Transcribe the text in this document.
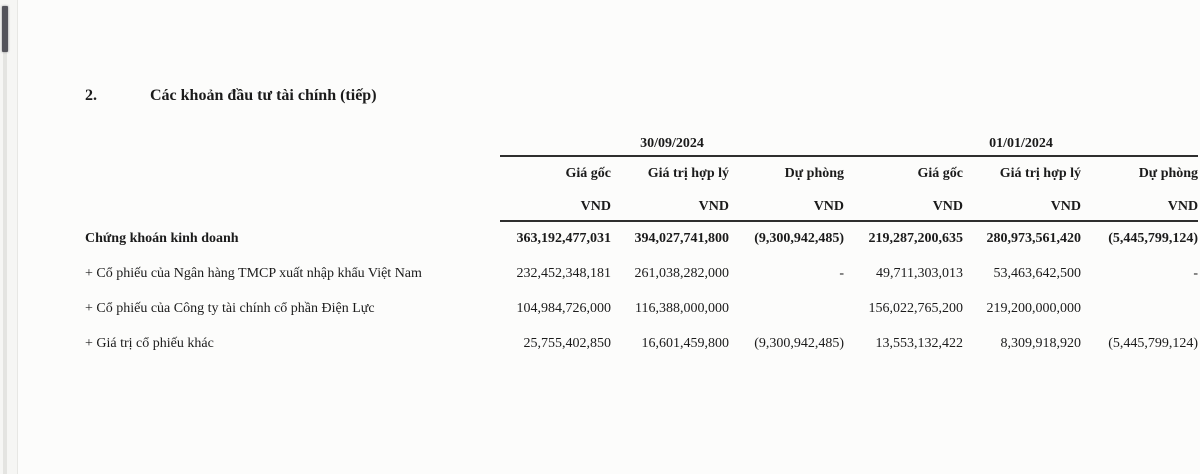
2.	Các khoản đầu tư tài chính (tiếp)
	30/09/2024			01/01/2024		
	Giá gốc	Giá trị hợp lý	Dự phòng	Giá gốc	Giá trị hợp lý	Dự phòng
	VND	VND	VND	VND	VND	VND
Chứng khoán kinh doanh	363,192,477,031	394,027,741,800	(9,300,942,485)	219,287,200,635	280,973,561,420	(5,445,799,124)
+ Cổ phiếu của Ngân hàng TMCP xuất nhập khẩu Việt Nam	232,452,348,181	261,038,282,000	-	49,711,303,013	53,463,642,500	-
+ Cổ phiếu của Công ty tài chính cổ phần Điện Lực	104,984,726,000	116,388,000,000		156,022,765,200	219,200,000,000	
+ Giá trị cổ phiếu khác	25,755,402,850	16,601,459,800	(9,300,942,485)	13,553,132,422	8,309,918,920	(5,445,799,124)
